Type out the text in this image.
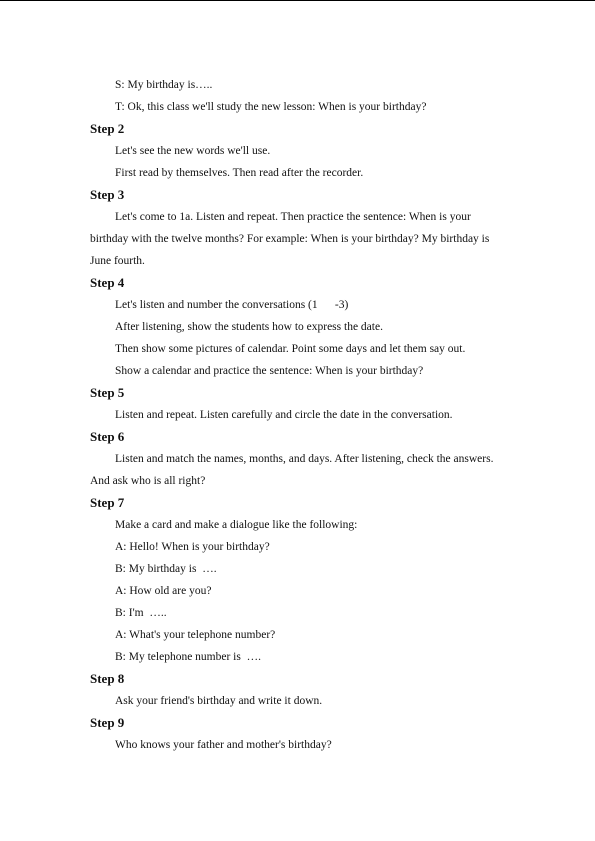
S: My birthday is…..

T: Ok, this class we'll study the new lesson: When is your birthday?

Step 2

Let's see the new words we'll use.

First read by themselves. Then read after the recorder.

Step 3

Let's come to 1a. Listen and repeat. Then practice the sentence: When is your birthday with the twelve months? For example: When is your birthday? My birthday is June fourth.

Step 4

Let's listen and number the conversations (1      -3)

After listening, show the students how to express the date.

Then show some pictures of calendar. Point some days and let them say out.

Show a calendar and practice the sentence: When is your birthday?

Step 5

Listen and repeat. Listen carefully and circle the date in the conversation.

Step 6

Listen and match the names, months, and days. After listening, check the answers. And ask who is all right?

Step 7

Make a card and make a dialogue like the following:

A: Hello! When is your birthday?

B: My birthday is  ….

A: How old are you?

B: I'm  …..

A: What's your telephone number?

B: My telephone number is  ….

Step 8

Ask your friend's birthday and write it down.

Step 9

Who knows your father and mother's birthday?
